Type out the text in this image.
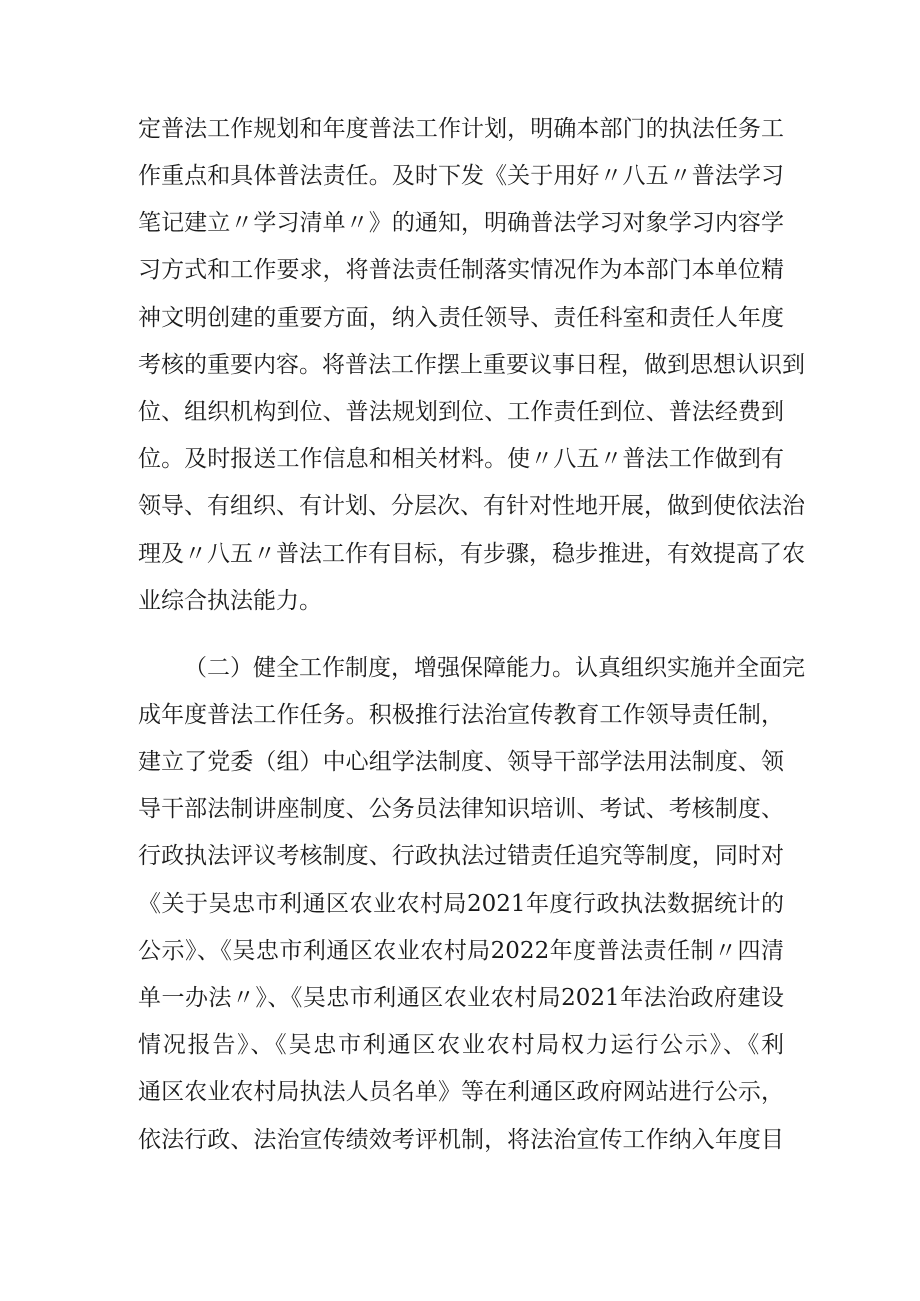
定普法工作规划和年度普法工作计划，明确本部门的执法任务工
作重点和具体普法责任。及时下发《关于用好〃八五〃普法学习
笔记建立〃学习清单〃》的通知，明确普法学习对象学习内容学
习方式和工作要求，将普法责任制落实情况作为本部门本单位精
神文明创建的重要方面，纳入责任领导、责任科室和责任人年度
考核的重要内容。将普法工作摆上重要议事日程，做到思想认识到
位、组织机构到位、普法规划到位、工作责任到位、普法经费到
位。及时报送工作信息和相关材料。使〃八五〃普法工作做到有
领导、有组织、有计划、分层次、有针对性地开展，做到使依法治
理及〃八五〃普法工作有目标，有步骤，稳步推进，有效提高了农
业综合执法能力。
（二）健全工作制度，增强保障能力。认真组织实施并全面完
成年度普法工作任务。积极推行法治宣传教育工作领导责任制，
建立了党委（组）中心组学法制度、领导干部学法用法制度、领
导干部法制讲座制度、公务员法律知识培训、考试、考核制度、
行政执法评议考核制度、行政执法过错责任追究等制度，同时对
《关于吴忠市利通区农业农村局2021年度行政执法数据统计的
公示》、《吴忠市利通区农业农村局2022年度普法责任制〃四清
单一办法〃》、《吴忠市利通区农业农村局2021年法治政府建设
情况报告》、《吴忠市利通区农业农村局权力运行公示》、《利
通区农业农村局执法人员名单》等在利通区政府网站进行公示，
依法行政、法治宣传绩效考评机制，将法治宣传工作纳入年度目
